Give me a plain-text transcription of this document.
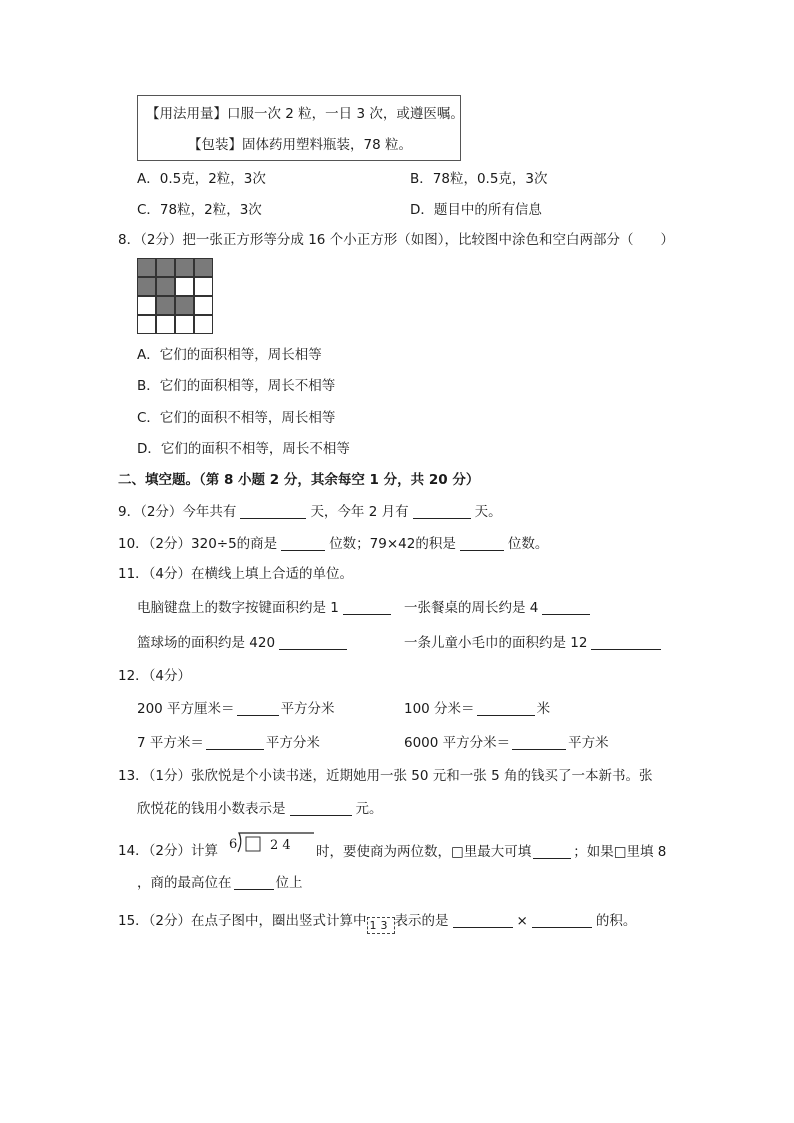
【用法用量】口服一次 2 粒，一日 3 次，或遵医嘱。
【包装】固体药用塑料瓶装，78 粒。
A．0.5克，2粒，3次	B．78粒，0.5克，3次
C．78粒，2粒，3次	D．题目中的所有信息
8．（2分）把一张正方形等分成 16 个小正方形（如图），比较图中涂色和空白两部分（　　）
A．它们的面积相等，周长相等
B．它们的面积相等，周长不相等
C．它们的面积不相等，周长相等
D．它们的面积不相等，周长不相等
二、填空题。（第 8 小题 2 分，其余每空 1 分，共 20 分）
9．（2分）今年共有	天，今年 2 月有	天。
10．（2分）320÷5的商是	位数；79×42的积是	位数。
11．（4分）在横线上填上合适的单位。
电脑键盘上的数字按键面积约是 1	一张餐桌的周长约是 4
篮球场的面积约是 420	一条儿童小毛巾的面积约是 12
12．（4分）
200 平方厘米＝	平方分米	100 分米＝	米
7 平方米＝	平方分米	6000 平方分米＝	平方米
13．（1分）张欣悦是个小读书迷，近期她用一张 50 元和一张 5 角的钱买了一本新书。张
欣悦花的钱用小数表示是	元。
14．（2分）计算 6	2 4 时，要使商为两位数，□里最大可填	；如果□里填 8
，商的最高位在	位上
15．（2分）在点子图中，圈出竖式计算中 13 表示的是	×	的积。
